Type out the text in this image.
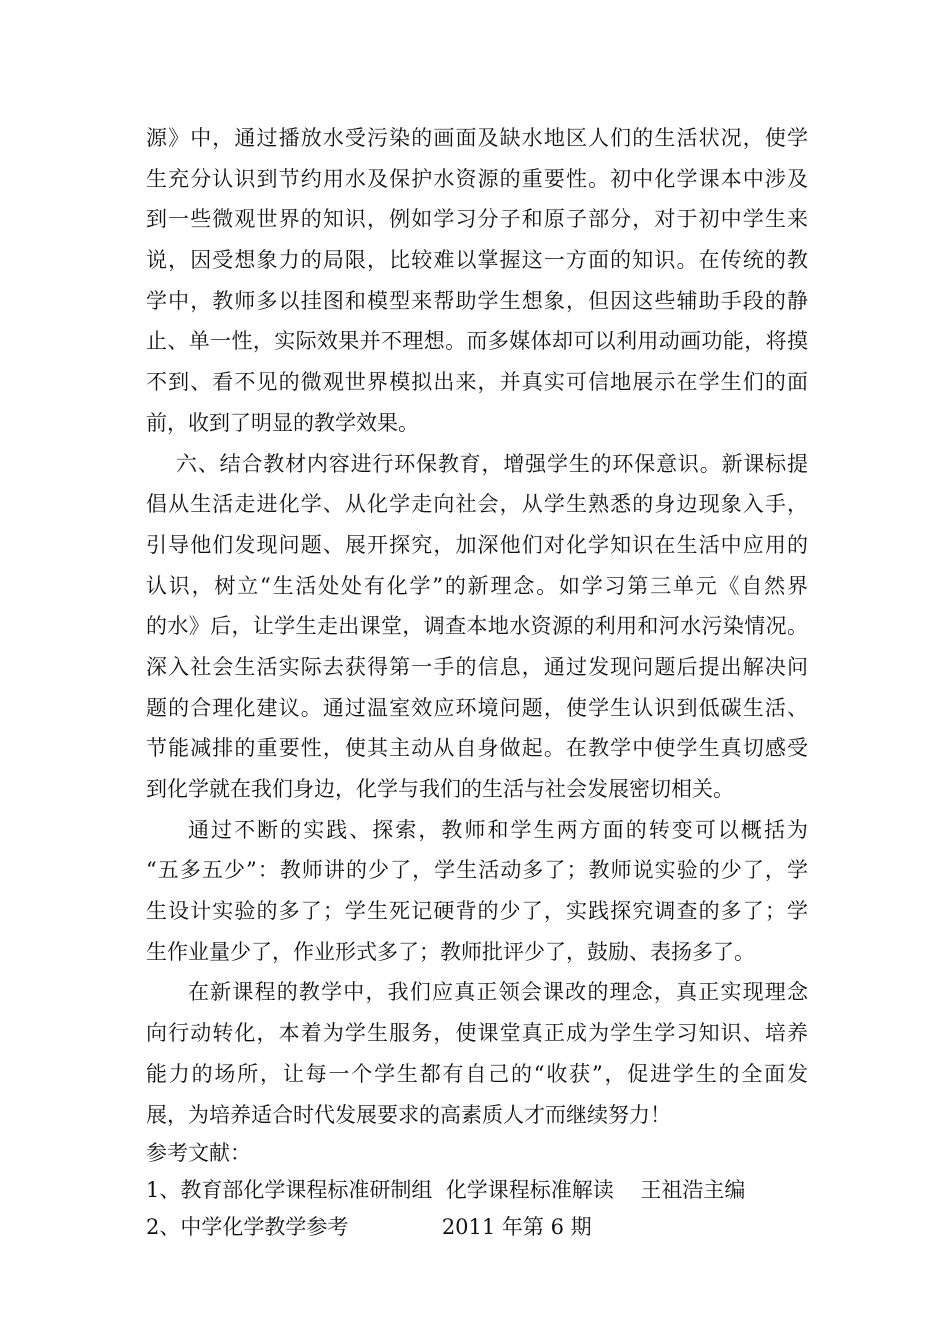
源》中，通过播放水受污染的画面及缺水地区人们的生活状况，使学
生充分认识到节约用水及保护水资源的重要性。初中化学课本中涉及
到一些微观世界的知识，例如学习分子和原子部分，对于初中学生来
说，因受想象力的局限，比较难以掌握这一方面的知识。在传统的教
学中，教师多以挂图和模型来帮助学生想象，但因这些辅助手段的静
止、单一性，实际效果并不理想。而多媒体却可以利用动画功能，将摸
不到、看不见的微观世界模拟出来，并真实可信地展示在学生们的面
前，收到了明显的教学效果。
六、结合教材内容进行环保教育，增强学生的环保意识。新课标提
倡从生活走进化学、从化学走向社会，从学生熟悉的身边现象入手，
引导他们发现问题、展开探究，加深他们对化学知识在生活中应用的
认识，树立“生活处处有化学”的新理念。如学习第三单元《自然界
的水》后，让学生走出课堂，调查本地水资源的利用和河水污染情况。
深入社会生活实际去获得第一手的信息，通过发现问题后提出解决问
题的合理化建议。通过温室效应环境问题，使学生认识到低碳生活、
节能减排的重要性，使其主动从自身做起。在教学中使学生真切感受
到化学就在我们身边，化学与我们的生活与社会发展密切相关。
通过不断的实践、探索，教师和学生两方面的转变可以概括为
“五多五少”：教师讲的少了，学生活动多了；教师说实验的少了，学
生设计实验的多了；学生死记硬背的少了，实践探究调查的多了；学
生作业量少了，作业形式多了；教师批评少了，鼓励、表扬多了。
在新课程的教学中，我们应真正领会课改的理念，真正实现理念
向行动转化，本着为学生服务，使课堂真正成为学生学习知识、培养
能力的场所，让每一个学生都有自己的“收获”，促进学生的全面发
展，为培养适合时代发展要求的高素质人才而继续努力！
参考文献：
1、教育部化学课程标准研制组  化学课程标准解读    王祖浩主编
2、中学化学教学参考              2011 年第 6 期
